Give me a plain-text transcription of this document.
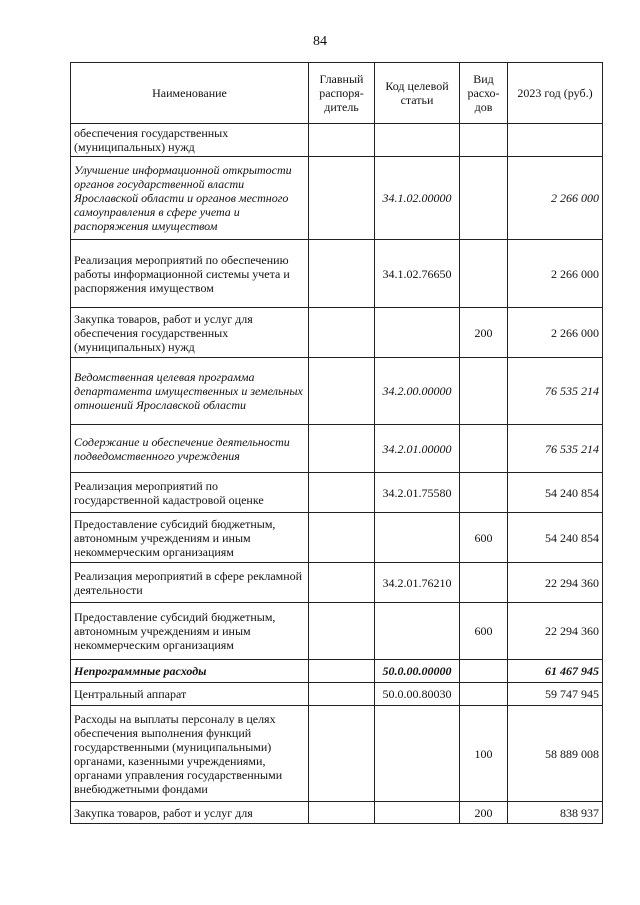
84
Наименование	Главный распоря-дитель	Код целевой статьи	Вид расхо-дов	2023 год (руб.)
обеспечения государственных (муниципальных) нужд				
Улучшение информационной открытости органов государственной власти Ярославской области и органов местного самоуправления в сфере учета и распоряжения имуществом		34.1.02.00000		2 266 000
Реализация мероприятий по обеспечению работы информационной системы учета и распоряжения имуществом		34.1.02.76650		2 266 000
Закупка товаров, работ и услуг для обеспечения государственных (муниципальных) нужд			200	2 266 000
Ведомственная целевая программа департамента имущественных и земельных отношений Ярославской области		34.2.00.00000		76 535 214
Содержание и обеспечение деятельности подведомственного учреждения		34.2.01.00000		76 535 214
Реализация мероприятий по государственной кадастровой оценке		34.2.01.75580		54 240 854
Предоставление субсидий бюджетным, автономным учреждениям и иным некоммерческим организациям			600	54 240 854
Реализация мероприятий в сфере рекламной деятельности		34.2.01.76210		22 294 360
Предоставление субсидий бюджетным, автономным учреждениям и иным некоммерческим организациям			600	22 294 360
Непрограммные расходы		50.0.00.00000		61 467 945
Центральный аппарат		50.0.00.80030		59 747 945
Расходы на выплаты персоналу в целях обеспечения выполнения функций государственными (муниципальными) органами, казенными учреждениями, органами управления государственными внебюджетными фондами			100	58 889 008
Закупка товаров, работ и услуг для			200	838 937
